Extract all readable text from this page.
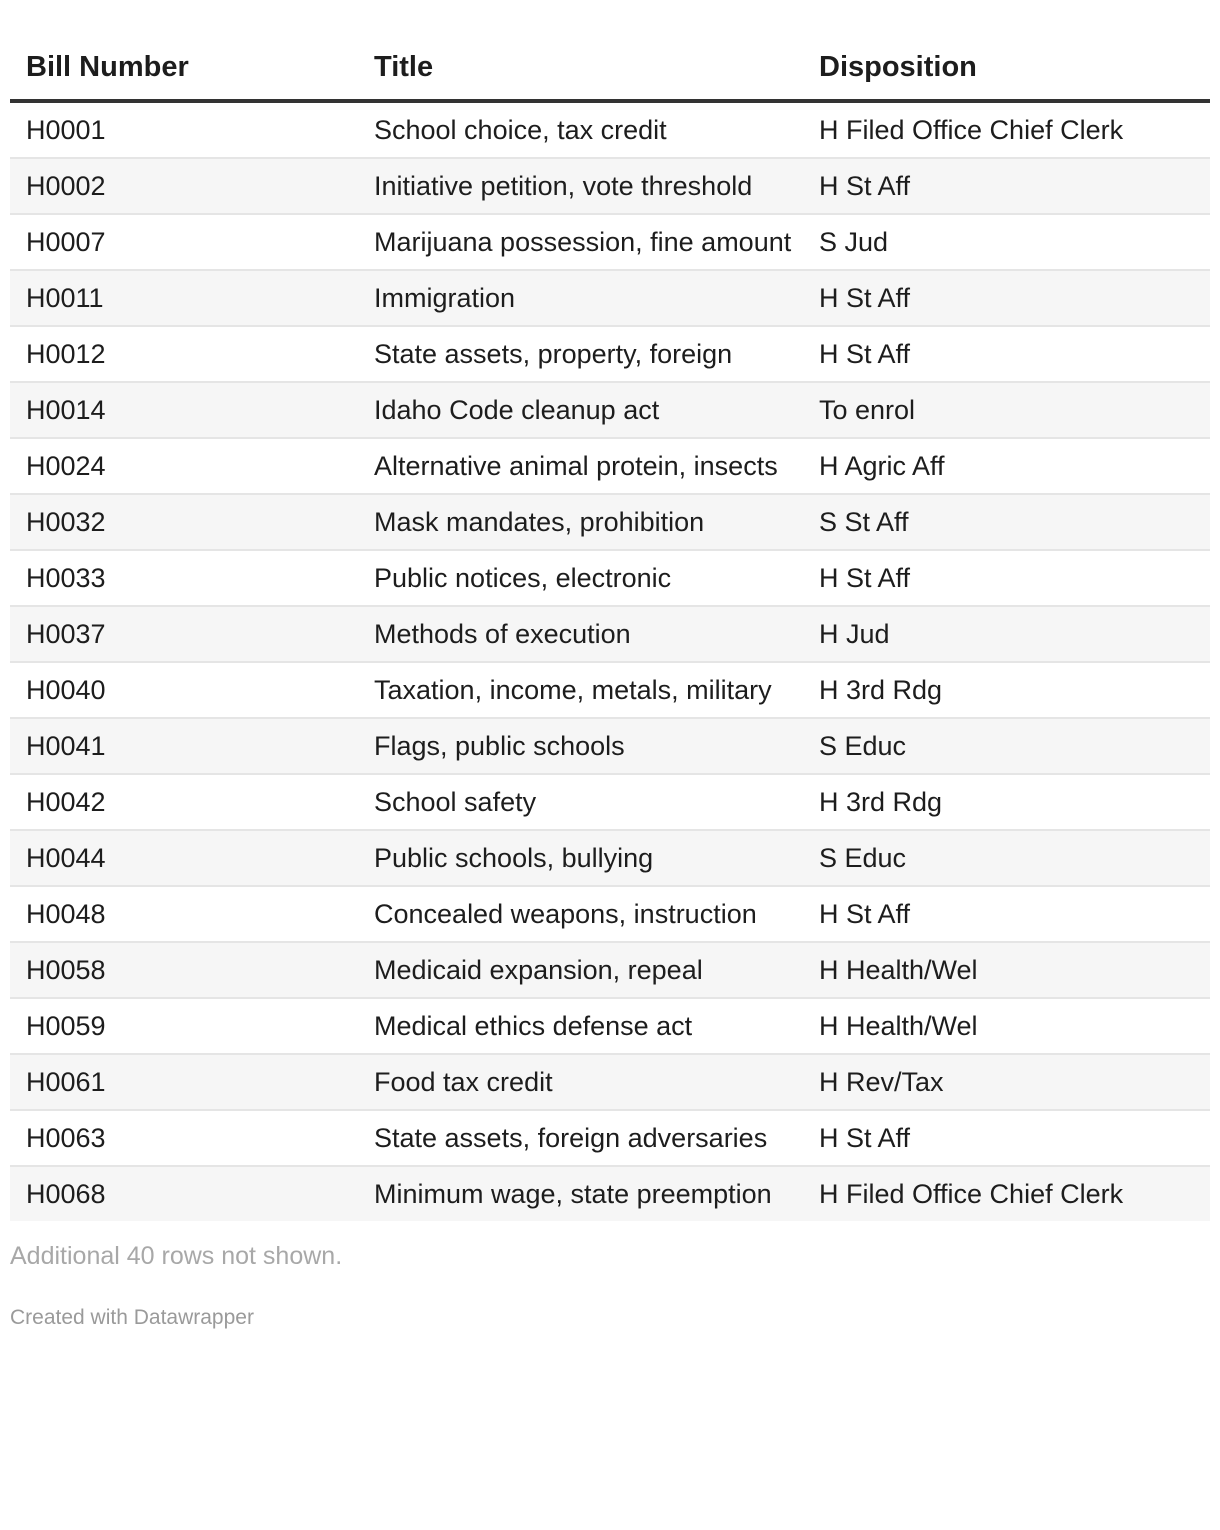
Bill Number	Title	Disposition
H0001	School choice, tax credit	H Filed Office Chief Clerk
H0002	Initiative petition, vote threshold	H St Aff
H0007	Marijuana possession, fine amount	S Jud
H0011	Immigration	H St Aff
H0012	State assets, property, foreign	H St Aff
H0014	Idaho Code cleanup act	To enrol
H0024	Alternative animal protein, insects	H Agric Aff
H0032	Mask mandates, prohibition	S St Aff
H0033	Public notices, electronic	H St Aff
H0037	Methods of execution	H Jud
H0040	Taxation, income, metals, military	H 3rd Rdg
H0041	Flags, public schools	S Educ
H0042	School safety	H 3rd Rdg
H0044	Public schools, bullying	S Educ
H0048	Concealed weapons, instruction	H St Aff
H0058	Medicaid expansion, repeal	H Health/Wel
H0059	Medical ethics defense act	H Health/Wel
H0061	Food tax credit	H Rev/Tax
H0063	State assets, foreign adversaries	H St Aff
H0068	Minimum wage, state preemption	H Filed Office Chief Clerk
Additional 40 rows not shown.
Created with Datawrapper
